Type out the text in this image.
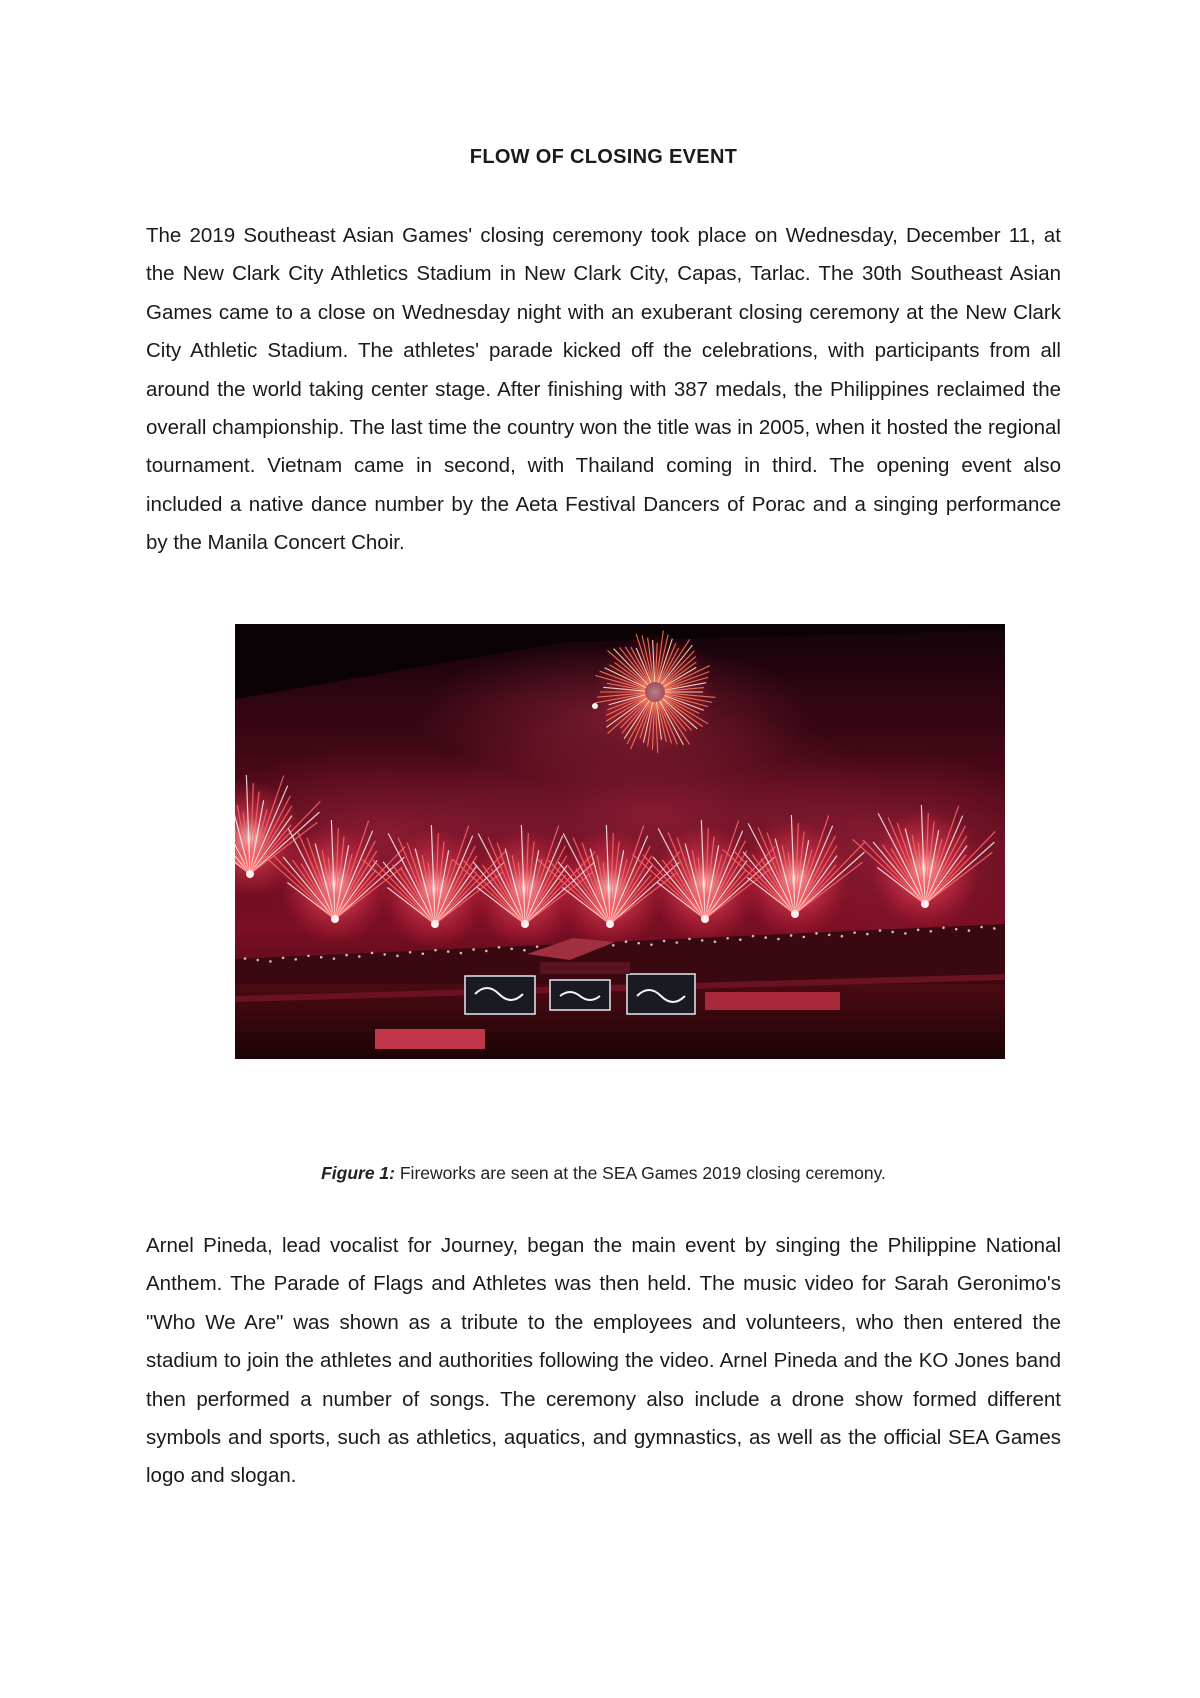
FLOW OF CLOSING EVENT

The 2019 Southeast Asian Games' closing ceremony took place on Wednesday, December 11, at the New Clark City Athletics Stadium in New Clark City, Capas, Tarlac. The 30th Southeast Asian Games came to a close on Wednesday night with an exuberant closing ceremony at the New Clark City Athletic Stadium. The athletes' parade kicked off the celebrations, with participants from all around the world taking center stage. After finishing with 387 medals, the Philippines reclaimed the overall championship. The last time the country won the title was in 2005, when it hosted the regional tournament. Vietnam came in second, with Thailand coming in third. The opening event also included a native dance number by the Aeta Festival Dancers of Porac and a singing performance by the Manila Concert Choir.

Figure 1: Fireworks are seen at the SEA Games 2019 closing ceremony.

Arnel Pineda, lead vocalist for Journey, began the main event by singing the Philippine National Anthem. The Parade of Flags and Athletes was then held. The music video for Sarah Geronimo's "Who We Are" was shown as a tribute to the employees and volunteers, who then entered the stadium to join the athletes and authorities following the video. Arnel Pineda and the KO Jones band then performed a number of songs. The ceremony also include a drone show formed different symbols and sports, such as athletics, aquatics, and gymnastics, as well as the official SEA Games logo and slogan.
